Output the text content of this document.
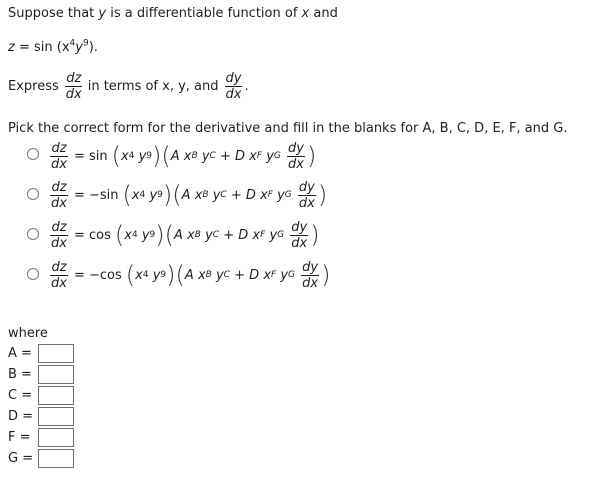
Suppose that y is a differentiable function of x and
$z = \sin (x^4y^9)$.
Express $\frac{dz}{dx}$ in terms of x, y, and $\frac{dy}{dx}$ .
Pick the correct form for the derivative and fill in the blanks for A, B, C, D, E, F, and G.
$\frac{dz}{dx} = \sin$ ( x 4
y 9 ) ( A
x B
y C
+
D
x F
y G
$\frac{dy}{dx}$ )
$\frac{dz}{dx} = -\sin$ ( x 4
y 9 ) ( A
x B
y C
+
D
x F
y G
$\frac{dy}{dx}$ )
$\frac{dz}{dx} = \cos$ ( x 4
y 9 ) ( A
x B
y C
+
D
x F
y G
$\frac{dy}{dx}$ )
$\frac{dz}{dx} = -\cos$ ( x 4
y 9 ) ( A
x B
y C
+
D
x F
y G
$\frac{dy}{dx}$ )
where
A =
B =
C =
D =
F =
G =
